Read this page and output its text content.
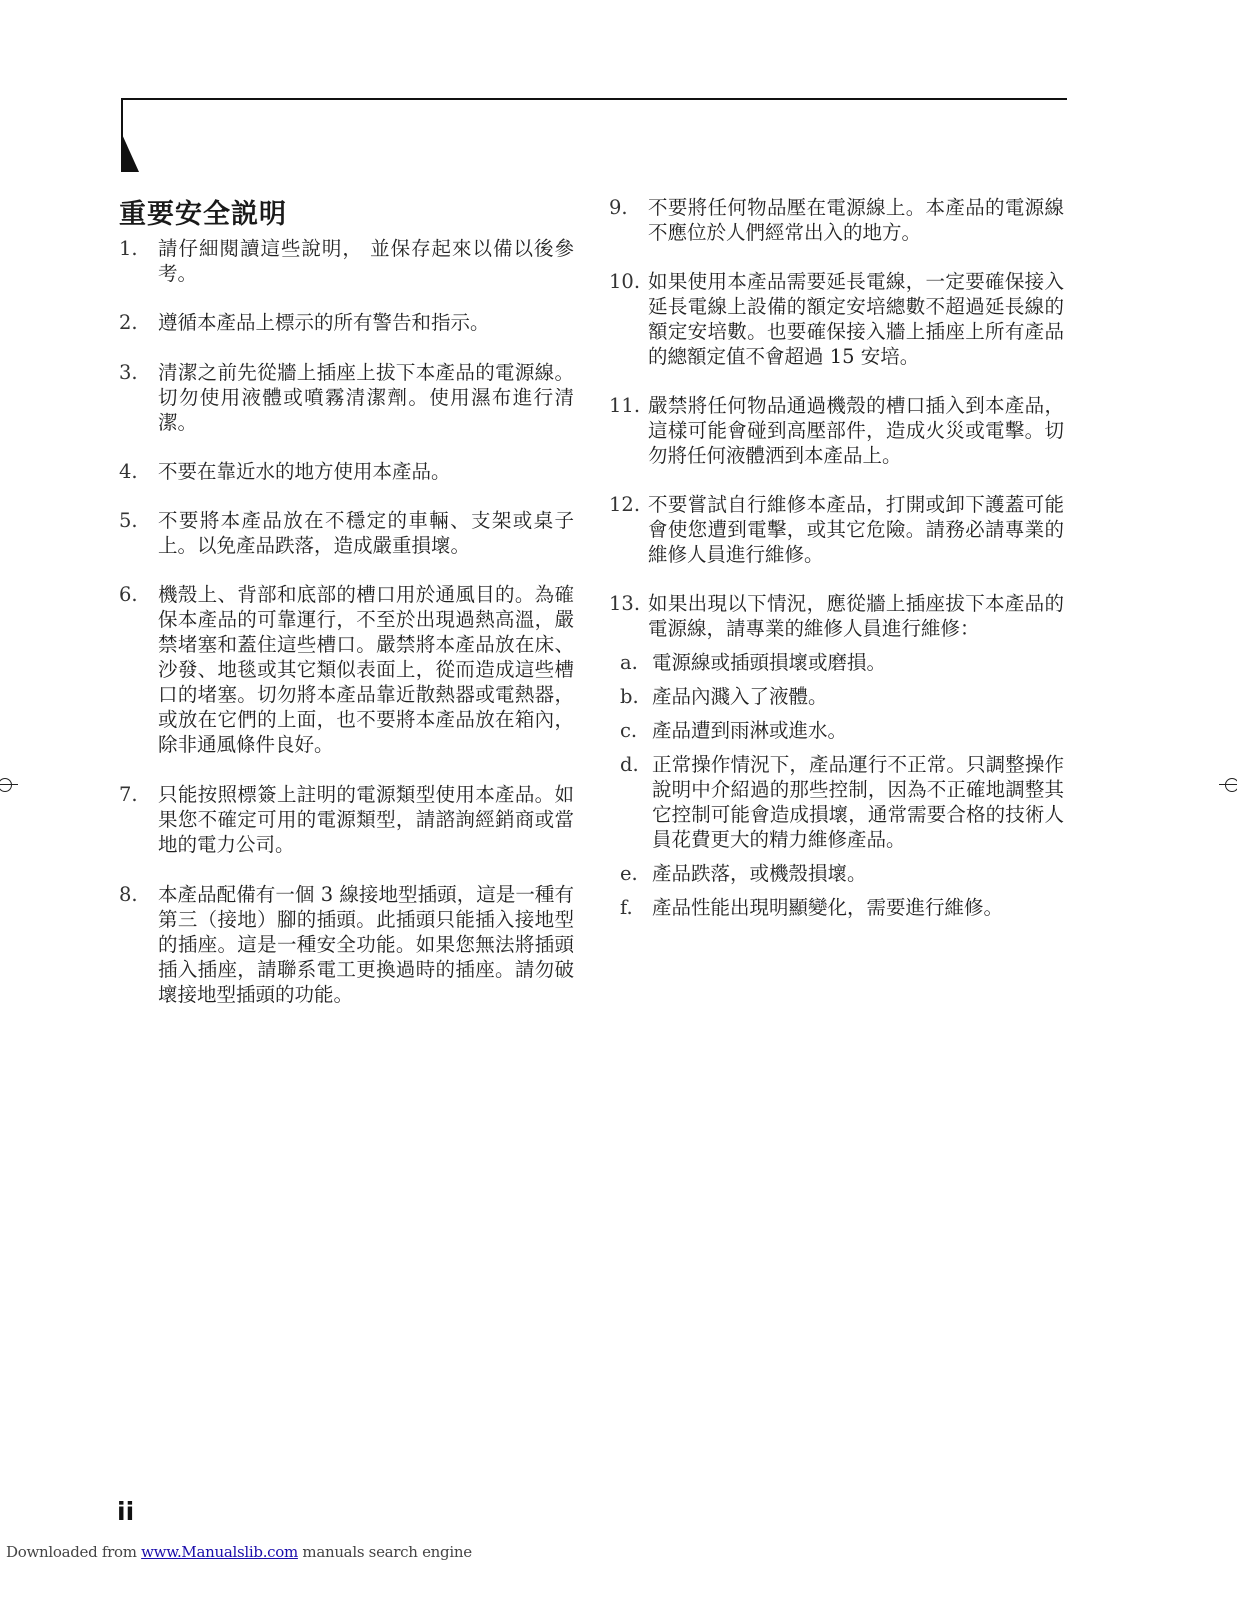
重要安全説明
1.	請仔細閱讀這些說明， 並保存起來以備以後參考。
2.	遵循本產品上標示的所有警告和指示。
3.	清潔之前先從牆上插座上拔下本產品的電源線。切勿使用液體或噴霧清潔劑。使用濕布進行清潔。
4.	不要在靠近水的地方使用本產品。
5.	不要將本產品放在不穩定的車輛、支架或桌子上。以免產品跌落，造成嚴重損壞。
6.	機殼上、背部和底部的槽口用於通風目的。為確保本產品的可靠運行，不至於出現過熱高溫，嚴禁堵塞和蓋住這些槽口。嚴禁將本產品放在床、沙發、地毯或其它類似表面上，從而造成這些槽口的堵塞。切勿將本產品靠近散熱器或電熱器，或放在它們的上面，也不要將本產品放在箱內，除非通風條件良好。
7.	只能按照標簽上註明的電源類型使用本產品。如果您不確定可用的電源類型，請諮詢經銷商或當地的電力公司。
8.	本產品配備有一個 3 線接地型插頭，這是一種有第三（接地）腳的插頭。此插頭只能插入接地型的插座。這是一種安全功能。如果您無法將插頭插入插座，請聯系電工更換過時的插座。請勿破壞接地型插頭的功能。
9.	不要將任何物品壓在電源線上。本產品的電源線不應位於人們經常出入的地方。
10. 如果使用本產品需要延長電線，一定要確保接入延長電線上設備的額定安培總數不超過延長線的額定安培數。也要確保接入牆上插座上所有產品的總額定值不會超過 15 安培。
11. 嚴禁將任何物品通過機殼的槽口插入到本產品，這樣可能會碰到高壓部件，造成火災或電擊。切勿將任何液體洒到本產品上。
12. 不要嘗試自行維修本產品，打開或卸下護蓋可能會使您遭到電擊，或其它危險。請務必請專業的維修人員進行維修。
13. 如果出現以下情況，應從牆上插座拔下本產品的電源線，請專業的維修人員進行維修：
a. 電源線或插頭損壞或磨損。
b. 產品內濺入了液體。
c. 產品遭到雨淋或進水。
d. 正常操作情況下，產品運行不正常。只調整操作說明中介紹過的那些控制，因為不正確地調整其它控制可能會造成損壞，通常需要合格的技術人員花費更大的精力維修產品。
e. 產品跌落，或機殼損壞。
f. 產品性能出現明顯變化，需要進行維修。
ii
Downloaded from www.Manualslib.com manuals search engine
